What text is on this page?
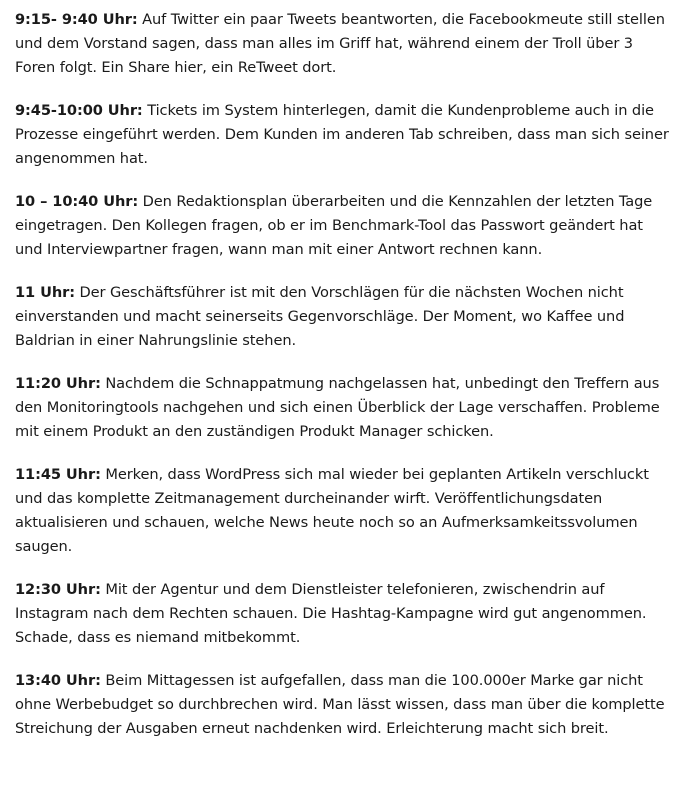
9:15- 9:40 Uhr: Auf Twitter ein paar Tweets beantworten, die Facebookmeute still stellen und dem Vorstand sagen, dass man alles im Griff hat, während einem der Troll über 3 Foren folgt. Ein Share hier, ein ReTweet dort.

9:45-10:00 Uhr: Tickets im System hinterlegen, damit die Kundenprobleme auch in die Prozesse eingeführt werden. Dem Kunden im anderen Tab schreiben, dass man sich seiner angenommen hat.

10 – 10:40 Uhr: Den Redaktionsplan überarbeiten und die Kennzahlen der letzten Tage eingetragen. Den Kollegen fragen, ob er im Benchmark-Tool das Passwort geändert hat und Interviewpartner fragen, wann man mit einer Antwort rechnen kann.

11 Uhr: Der Geschäftsführer ist mit den Vorschlägen für die nächsten Wochen nicht einverstanden und macht seinerseits Gegenvorschläge. Der Moment, wo Kaffee und Baldrian in einer Nahrungslinie stehen.

11:20 Uhr: Nachdem die Schnappatmung nachgelassen hat, unbedingt den Treffern aus den Monitoringtools nachgehen und sich einen Überblick der Lage verschaffen. Probleme mit einem Produkt an den zuständigen Produkt Manager schicken.

11:45 Uhr: Merken, dass WordPress sich mal wieder bei geplanten Artikeln verschluckt und das komplette Zeitmanagement durcheinander wirft. Veröffentlichungsdaten aktualisieren und schauen, welche News heute noch so an Aufmerksamkeitssvolumen saugen.

12:30 Uhr: Mit der Agentur und dem Dienstleister telefonieren, zwischendrin auf Instagram nach dem Rechten schauen. Die Hashtag-Kampagne wird gut angenommen. Schade, dass es niemand mitbekommt.

13:40 Uhr: Beim Mittagessen ist aufgefallen, dass man die 100.000er Marke gar nicht ohne Werbebudget so durchbrechen wird. Man lässt wissen, dass man über die komplette Streichung der Ausgaben erneut nachdenken wird. Erleichterung macht sich breit.
